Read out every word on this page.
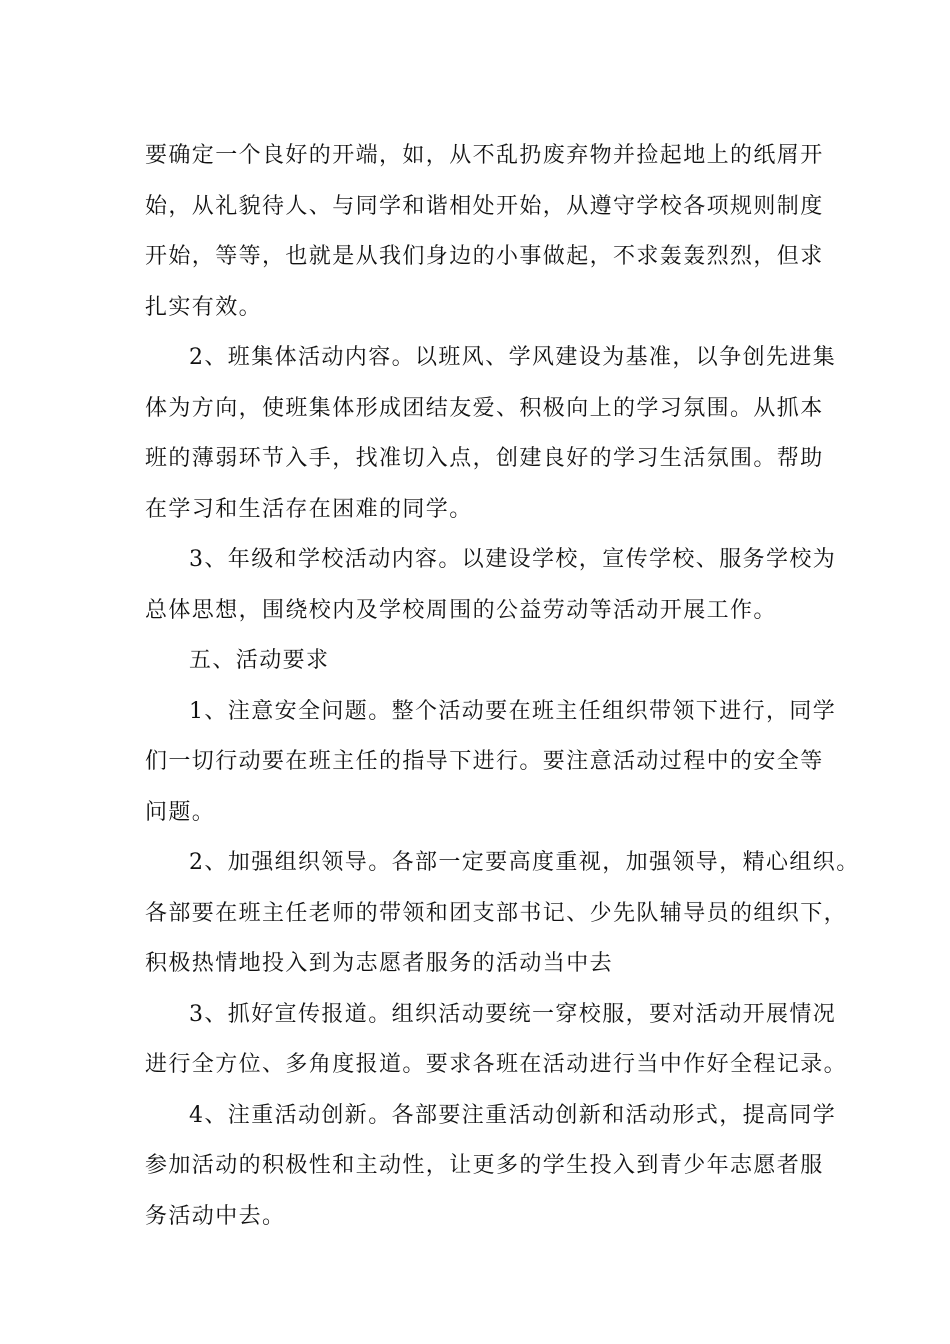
要确定一个良好的开端，如，从不乱扔废弃物并捡起地上的纸屑开
始，从礼貌待人、与同学和谐相处开始，从遵守学校各项规则制度
开始，等等，也就是从我们身边的小事做起，不求轰轰烈烈，但求
扎实有效。
2、班集体活动内容。以班风、学风建设为基准，以争创先进集
体为方向，使班集体形成团结友爱、积极向上的学习氛围。从抓本
班的薄弱环节入手，找准切入点，创建良好的学习生活氛围。帮助
在学习和生活存在困难的同学。
3、年级和学校活动内容。以建设学校，宣传学校、服务学校为
总体思想，围绕校内及学校周围的公益劳动等活动开展工作。
五、活动要求
1、注意安全问题。整个活动要在班主任组织带领下进行，同学
们一切行动要在班主任的指导下进行。要注意活动过程中的安全等
问题。
2、加强组织领导。各部一定要高度重视，加强领导，精心组织。
各部要在班主任老师的带领和团支部书记、少先队辅导员的组织下，
积极热情地投入到为志愿者服务的活动当中去
3、抓好宣传报道。组织活动要统一穿校服，要对活动开展情况
进行全方位、多角度报道。要求各班在活动进行当中作好全程记录。
4、注重活动创新。各部要注重活动创新和活动形式，提高同学
参加活动的积极性和主动性，让更多的学生投入到青少年志愿者服
务活动中去。
